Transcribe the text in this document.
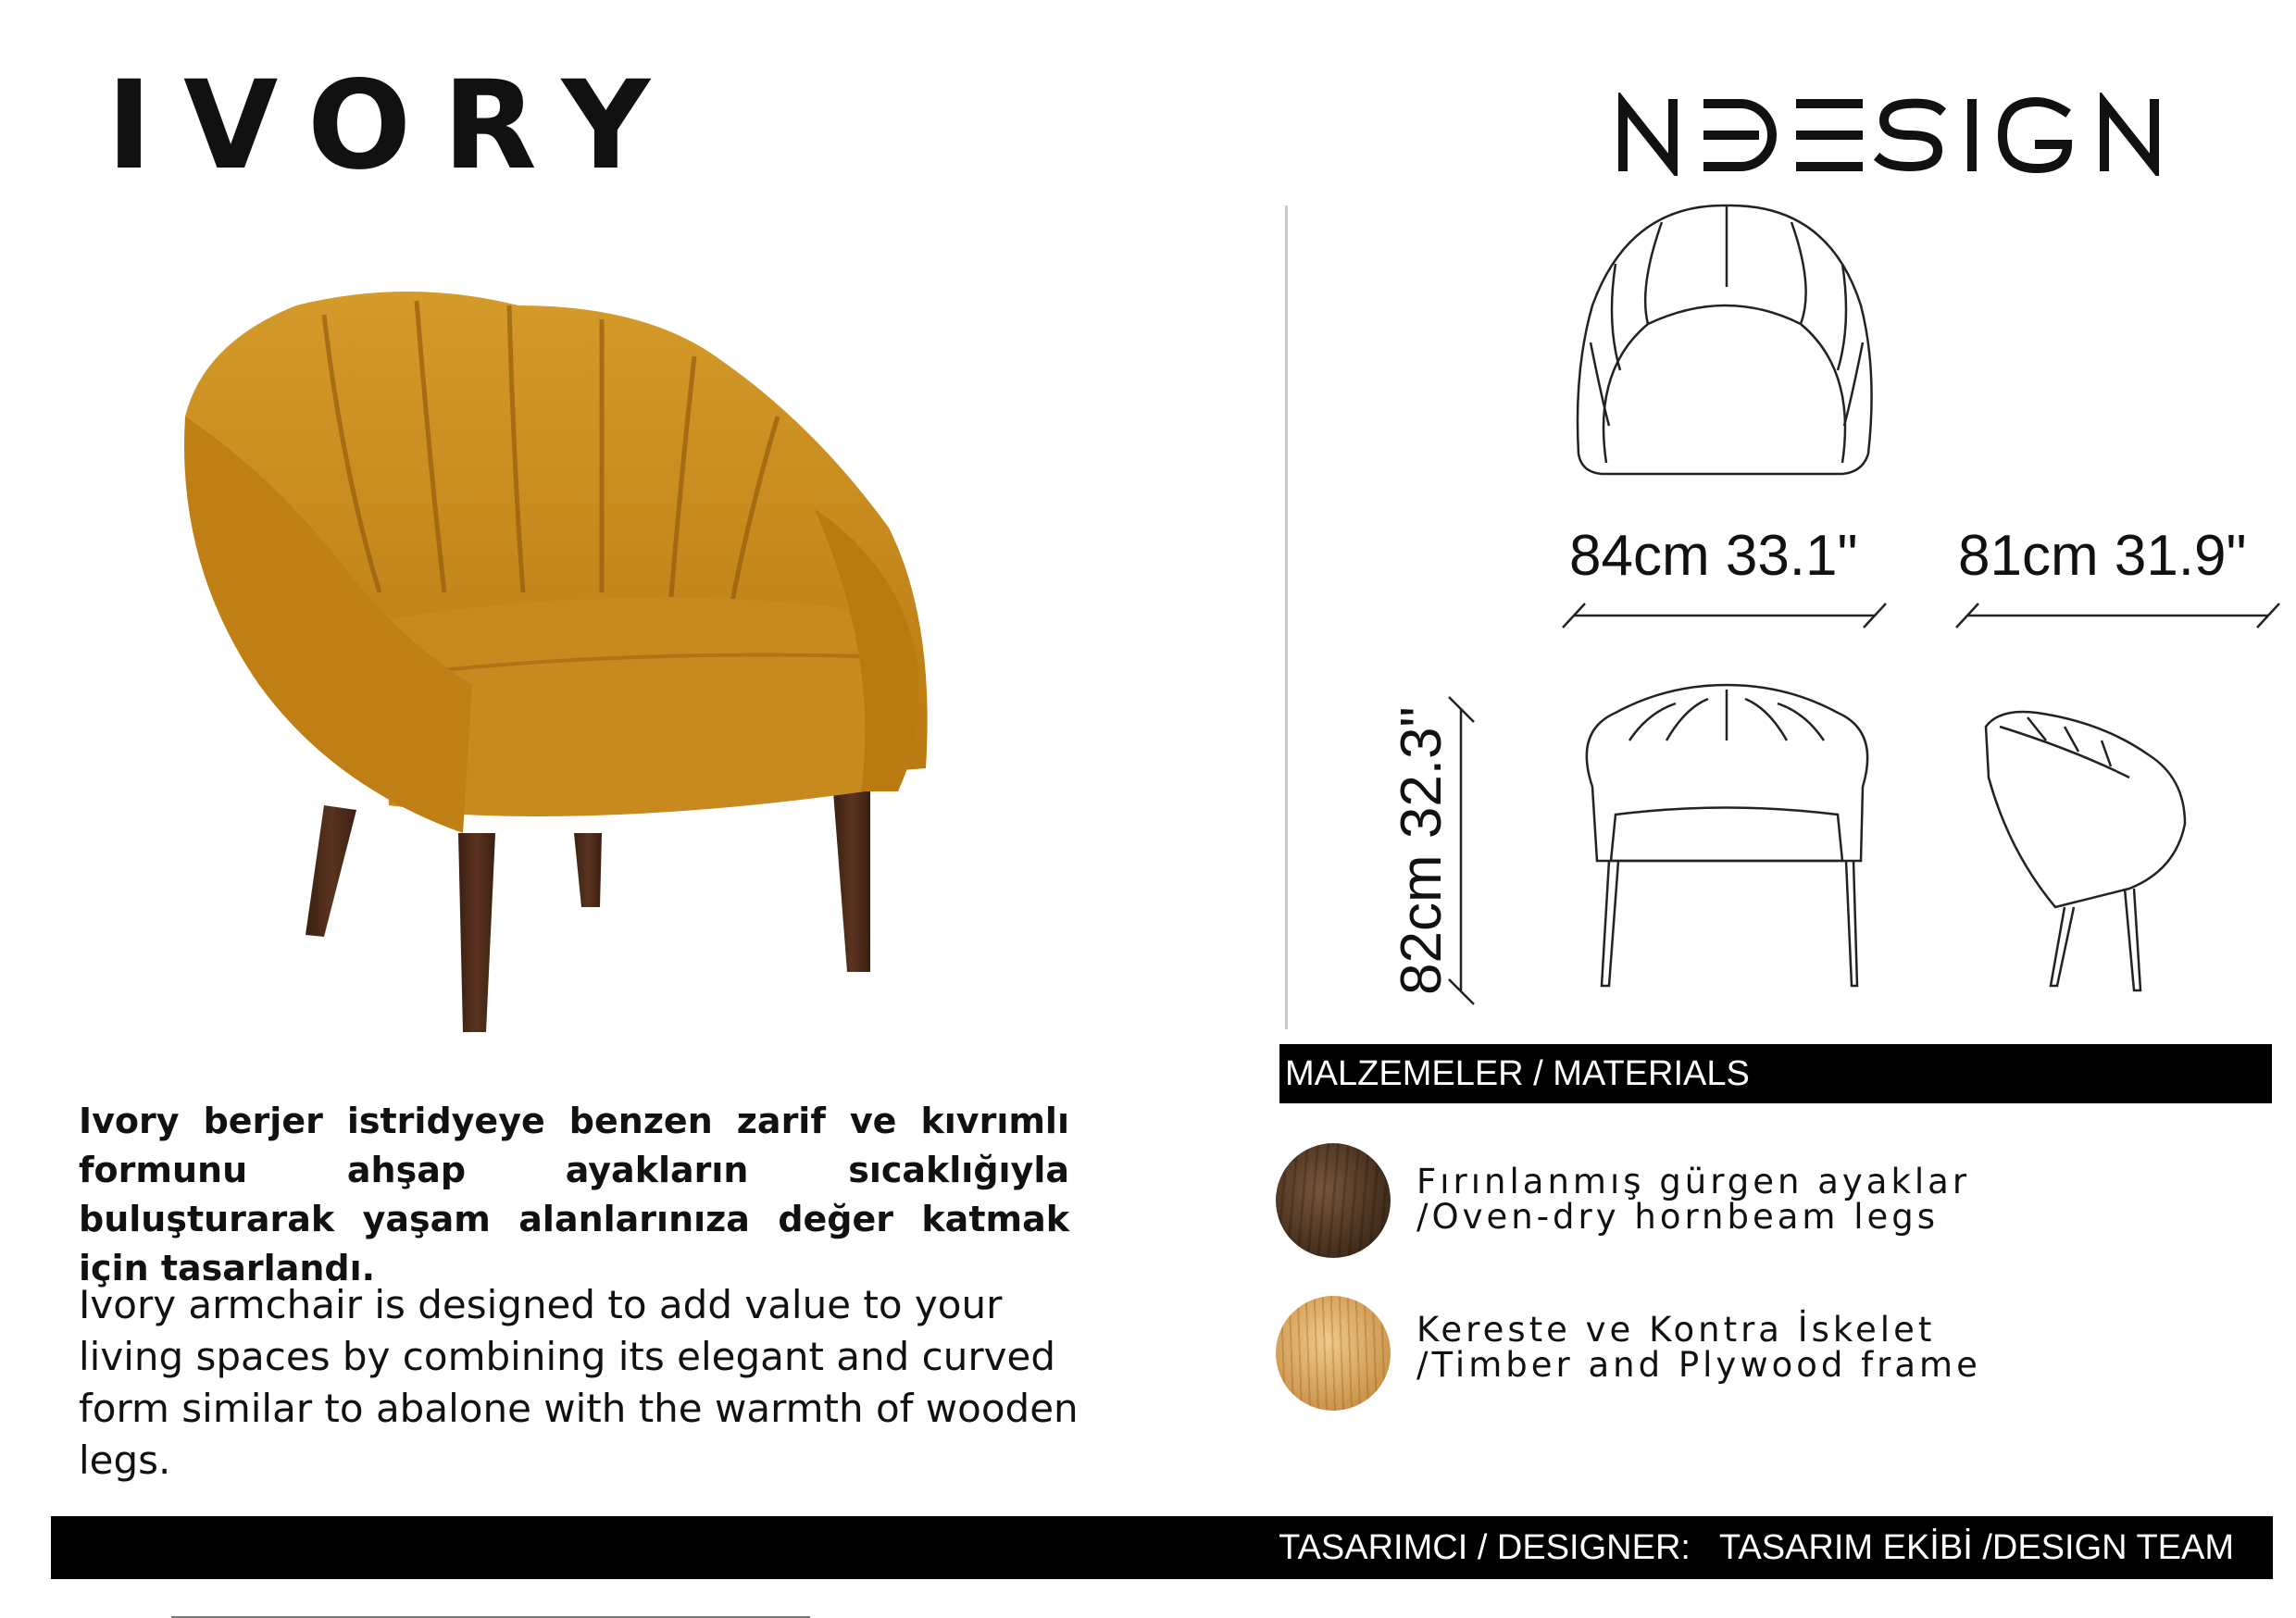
IVORY
Ivory berjer istridyeye benzen zarif ve kıvrımlı formunu ahşap ayakların sıcaklığıyla buluşturarak yaşam alanlarınıza değer katmak için tasarlandı.
Ivory armchair is designed to add value to your living spaces by combining its elegant and curved form similar to abalone with the warmth of wooden legs.
84cm 33.1" 81cm 31.9"
82cm 32.3"
MALZEMELER / MATERIALS
Fırınlanmış gürgen ayaklar
/Oven-dry hornbeam legs
Kereste ve Kontra İskelet
/Timber and Plywood frame
TASARIMCI / DESIGNER: TASARIM EKİBİ /DESIGN TEAM
